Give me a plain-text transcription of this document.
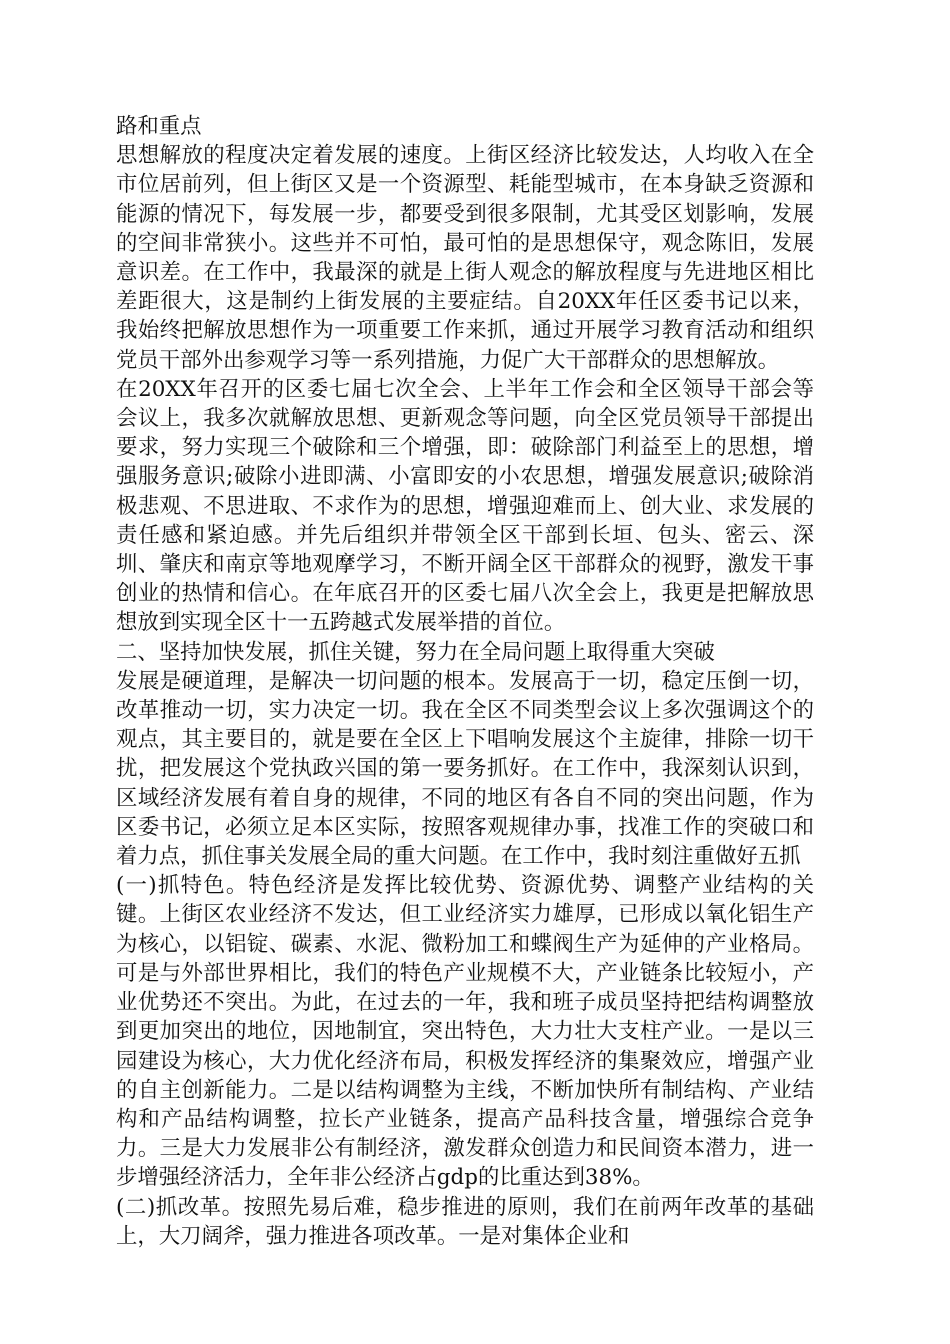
路和重点

思想解放的程度决定着发展的速度。上街区经济比较发达，人均收入在全市位居前列，但上街区又是一个资源型、耗能型城市，在本身缺乏资源和能源的情况下，每发展一步，都要受到很多限制，尤其受区划影响，发展的空间非常狭小。这些并不可怕，最可怕的是思想保守，观念陈旧，发展意识差。在工作中，我最深的就是上街人观念的解放程度与先进地区相比差距很大，这是制约上街发展的主要症结。自20XX年任区委书记以来，我始终把解放思想作为一项重要工作来抓，通过开展学习教育活动和组织党员干部外出参观学习等一系列措施，力促广大干部群众的思想解放。

在20XX年召开的区委七届七次全会、上半年工作会和全区领导干部会等会议上，我多次就解放思想、更新观念等问题，向全区党员领导干部提出要求，努力实现三个破除和三个增强，即：破除部门利益至上的思想，增强服务意识;破除小进即满、小富即安的小农思想，增强发展意识;破除消极悲观、不思进取、不求作为的思想，增强迎难而上、创大业、求发展的责任感和紧迫感。并先后组织并带领全区干部到长垣、包头、密云、深圳、肇庆和南京等地观摩学习，不断开阔全区干部群众的视野，激发干事创业的热情和信心。在年底召开的区委七届八次全会上，我更是把解放思想放到实现全区十一五跨越式发展举措的首位。

二、坚持加快发展，抓住关键，努力在全局问题上取得重大突破

发展是硬道理，是解决一切问题的根本。发展高于一切，稳定压倒一切，改革推动一切，实力决定一切。我在全区不同类型会议上多次强调这个的观点，其主要目的，就是要在全区上下唱响发展这个主旋律，排除一切干扰，把发展这个党执政兴国的第一要务抓好。在工作中，我深刻认识到，区域经济发展有着自身的规律，不同的地区有各自不同的突出问题，作为区委书记，必须立足本区实际，按照客观规律办事，找准工作的突破口和着力点，抓住事关发展全局的重大问题。在工作中，我时刻注重做好五抓

(一)抓特色。特色经济是发挥比较优势、资源优势、调整产业结构的关键。上街区农业经济不发达，但工业经济实力雄厚，已形成以氧化铝生产为核心，以铝锭、碳素、水泥、微粉加工和蝶阀生产为延伸的产业格局。可是与外部世界相比，我们的特色产业规模不大，产业链条比较短小，产业优势还不突出。为此，在过去的一年，我和班子成员坚持把结构调整放到更加突出的地位，因地制宜，突出特色，大力壮大支柱产业。一是以三园建设为核心，大力优化经济布局，积极发挥经济的集聚效应，增强产业的自主创新能力。二是以结构调整为主线，不断加快所有制结构、产业结构和产品结构调整，拉长产业链条，提高产品科技含量，增强综合竞争力。三是大力发展非公有制经济，激发群众创造力和民间资本潜力，进一步增强经济活力，全年非公经济占gdp的比重达到38%。

(二)抓改革。按照先易后难，稳步推进的原则，我们在前两年改革的基础上，大刀阔斧，强力推进各项改革。一是对集体企业和
